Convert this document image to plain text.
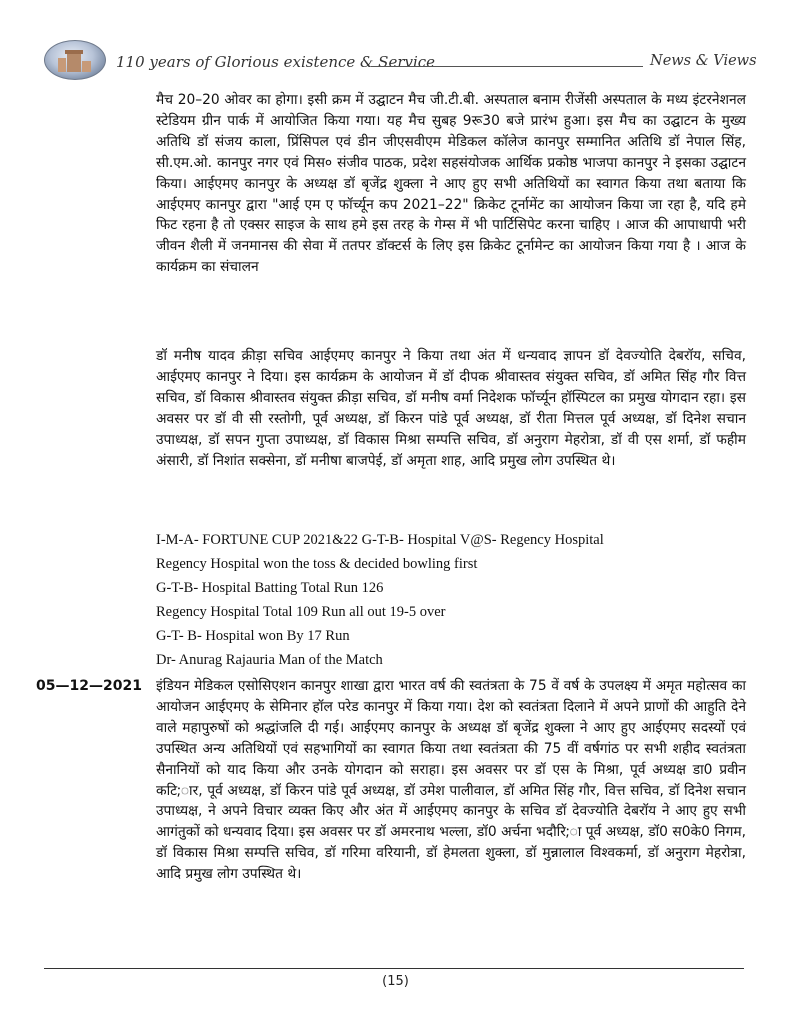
110 years of Glorious existence & Service	News & Views

मैच 20–20 ओवर का होगा। इसी क्रम में उद्घाटन मैच जी.टी.बी. अस्पताल बनाम रीजेंसी अस्पताल के मध्य इंटरनेशनल स्टेडियम ग्रीन पार्क में आयोजित किया गया। यह मैच सुबह 9रू30 बजे प्रारंभ हुआ। इस मैच का उद्घाटन के मुख्य अतिथि डॉ संजय काला, प्रिंसिपल एवं डीन जीएसवीएम मेडिकल कॉलेज कानपुर सम्मानित अतिथि डॉ नेपाल सिंह, सी.एम.ओ. कानपुर नगर एवं मिस० संजीव पाठक, प्रदेश सहसंयोजक आर्थिक प्रकोष्ठ भाजपा कानपुर ने इसका उद्घाटन किया। आईएमए कानपुर के अध्यक्ष डॉ बृजेंद्र शुक्ला ने आए हुए सभी अतिथियों का स्वागत किया तथा बताया कि आईएमए कानपुर द्वारा "आई एम ए फॉर्च्यून कप 2021–22" क्रिकेट टूर्नामेंट का आयोजन किया जा रहा है, यदि हमे फिट रहना है तो एक्सर साइज के साथ हमे इस तरह के गेम्स में भी पार्टिसिपेट करना चाहिए । आज की आपाधापी भरी जीवन शैली में जनमानस की सेवा में ततपर डॉक्टर्स के लिए इस क्रिकेट टूर्नामेन्ट का आयोजन किया गया है । आज के कार्यक्रम का संचालन

डॉ मनीष यादव क्रीड़ा सचिव आईएमए कानपुर ने किया तथा अंत में धन्यवाद ज्ञापन डॉ देवज्योति देबरॉय, सचिव, आईएमए कानपुर ने दिया। इस कार्यक्रम के आयोजन में डॉ दीपक श्रीवास्तव संयुक्त सचिव, डॉ अमित सिंह गौर वित्त सचिव, डॉ विकास श्रीवास्तव संयुक्त क्रीड़ा सचिव, डॉ मनीष वर्मा निदेशक फॉर्च्यून हॉस्पिटल का प्रमुख योगदान रहा। इस अवसर पर डॉ वी सी रस्तोगी, पूर्व अध्यक्ष, डॉ किरन पांडे पूर्व अध्यक्ष, डॉ रीता मित्तल पूर्व अध्यक्ष, डॉ दिनेश सचान उपाध्यक्ष, डॉ सपन गुप्ता उपाध्यक्ष, डॉ विकास मिश्रा सम्पत्ति सचिव, डॉ अनुराग मेहरोत्रा, डॉ वी एस शर्मा, डॉ फहीम अंसारी, डॉ निशांत सक्सेना, डॉ मनीषा बाजपेई, डॉ अमृता शाह, आदि प्रमुख लोग उपस्थित थे।

I-M-A- FORTUNE CUP 2021&22 G-T-B- Hospital V@S- Regency Hospital
Regency Hospital won the toss & decided bowling first
G-T-B- Hospital Batting Total Run 126
Regency Hospital Total 109 Run all out 19-5 over
G-T- B- Hospital won By 17 Run
Dr- Anurag Rajauria Man of the Match
05—12—2021 इंडियन मेडिकल एसोसिएशन कानपुर शाखा द्वारा भारत वर्ष की स्वतंत्रता के 75 वें वर्ष के उपलक्ष्य में अमृत महोत्सव का आयोजन आईएमए के सेमिनार हॉल परेड कानपुर में किया गया। देश को स्वतंत्रता दिलाने में अपने प्राणों की आहुति देने वाले महापुरुषों को श्रद्धांजलि दी गई। आईएमए कानपुर के अध्यक्ष डॉ बृजेंद्र शुक्ला ने आए हुए आईएमए सदस्यों एवं उपस्थित अन्य अतिथियों एवं सहभागियों का स्वागत किया तथा स्वतंत्रता की 75 वीं वर्षगांठ पर सभी शहीद स्वतंत्रता सैनानियों को याद किया और उनके योगदान को सराहा। इस अवसर पर डॉ एस के मिश्रा, पूर्व अध्यक्ष डा0 प्रवीन कटि;ार, पूर्व अध्यक्ष, डॉ किरन पांडे पूर्व अध्यक्ष, डॉ उमेश पालीवाल, डॉ अमित सिंह गौर, वित्त सचिव, डॉ दिनेश सचान उपाध्यक्ष, ने अपने विचार व्यक्त किए और अंत में आईएमए कानपुर के सचिव डॉ देवज्योति देबरॉय ने आए हुए सभी आगंतुकों को धन्यवाद दिया। इस अवसर पर डॉ अमरनाथ भल्ला, डॉ0 अर्चना भदौरि;ा पूर्व अध्यक्ष, डॉ0 स0के0 निगम, डॉ विकास मिश्रा सम्पत्ति सचिव, डॉ गरिमा वरियानी, डॉ हेमलता शुक्ला, डॉ मुन्नालाल विश्वकर्मा, डॉ अनुराग मेहरोत्रा, आदि प्रमुख लोग उपस्थित थे।

(15)
